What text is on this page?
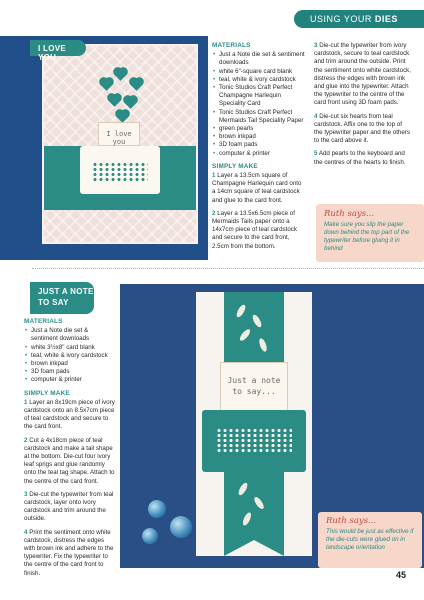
USING YOUR DIES
I love you
I LOVE YOU
MATERIALS
• Just a Note die set & sentiment downloads
• white 6"-square card blank
• teal, white & ivory cardstock
• Tonic Studios Craft Perfect Champagne Harlequin Speciality Card
• Tonic Studios Craft Perfect Mermaids Tail Speciality Paper
• green pearls
• brown inkpad
• 3D foam pads
• computer & printer
SIMPLY MAKE

1 Layer a 13.5cm square of Champagne Harlequin card onto a 14cm square of teal cardstock and glue to the card front.

2 Layer a 13.5x6.5cm piece of Mermaids Tails paper onto a 14x7cm piece of teal cardstock and secure to the card front, 2.5cm from the bottom.

3 Die-cut the typewriter from ivory cardstock, secure to teal cardstock and trim around the outside. Print the sentiment onto white cardstock, distress the edges with brown ink and glue into the typewriter. Attach the typewriter to the centre of the card front using 3D foam pads.

4 Die-cut six hearts from teal cardstock. Affix one to the top of the typewriter paper and the others to the card above it.

5 Add pearls to the keyboard and the centres of the hearts to finish.

Ruth says...
Make sure you slip the paper down behind the top part of the typewriter before gluing it in behind
JUST A NOTE
TO SAY
MATERIALS
• Just a Note die set & sentiment downloads
• white 3½x8" card blank
• teal, white & ivory cardstock
• brown inkpad
• 3D foam pads
• computer & printer
SIMPLY MAKE

1 Layer an 8x19cm piece of ivory cardstock onto an 8.5x7cm piece of teal cardstock and secure to the card front.

2 Cut a 4x18cm piece of teal cardstock and make a tail shape at the bottom. Die-cut four ivory leaf sprigs and glue randomly onto the teal tag shape. Attach to the centre of the card front.

3 Die-cut the typewriter from teal cardstock, layer onto ivory cardstock and trim around the outside.

4 Print the sentiment onto white cardstock, distress the edges with brown ink and adhere to the typewriter. Fix the typewriter to the centre of the card front to finish.

Just a note
to say...
Ruth says...
This would be just as effective if the die-cuts were glued on in landscape orientation
45
